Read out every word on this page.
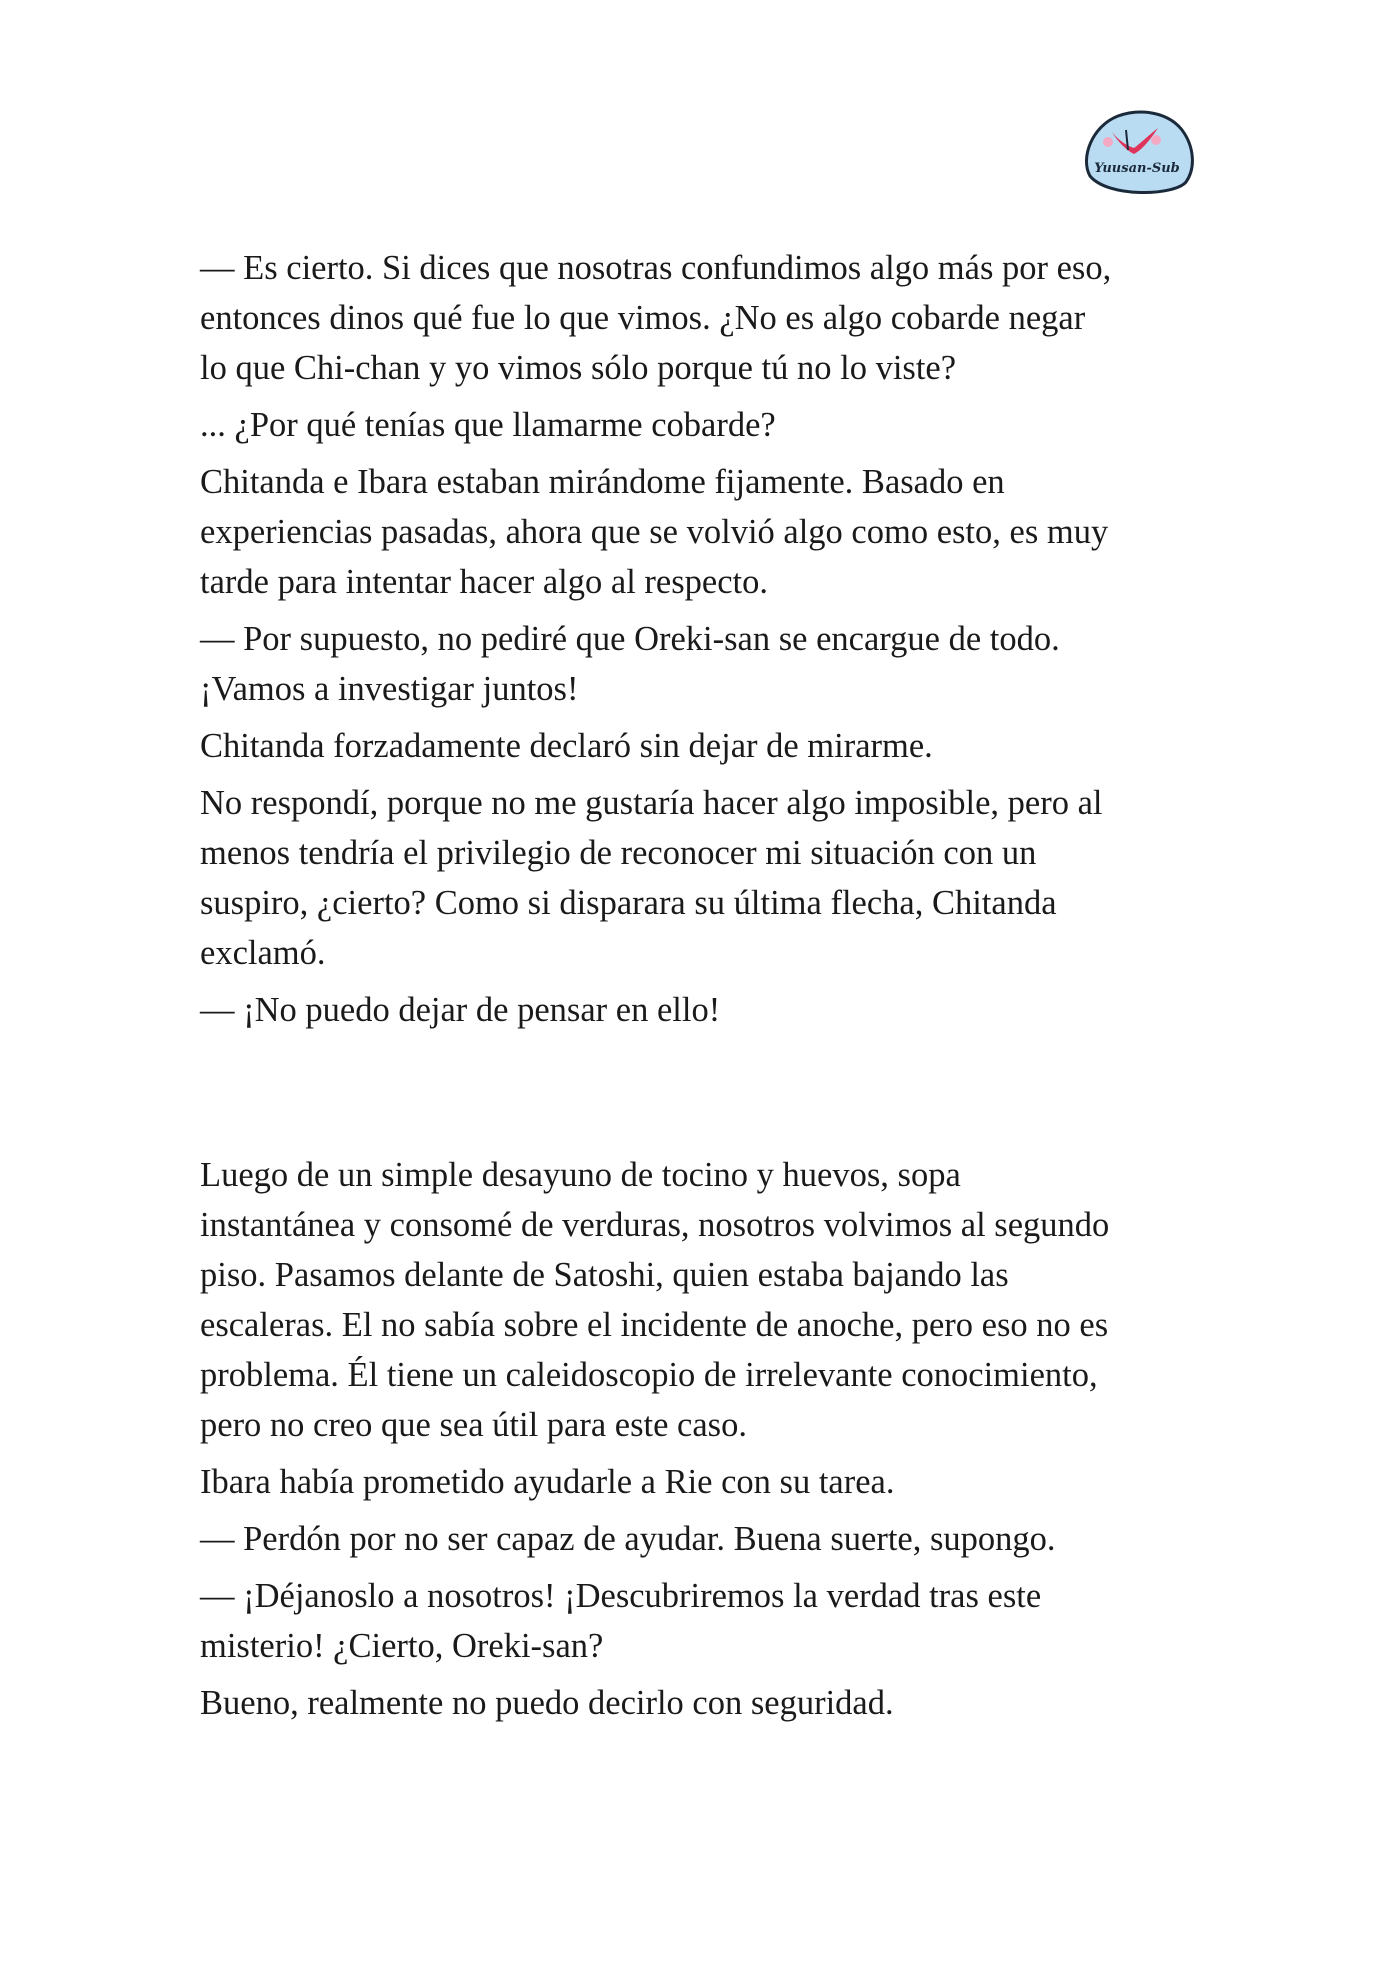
Yuusan-Sub

— Es cierto. Si dices que nosotras confundimos algo más por eso,
entonces dinos qué fue lo que vimos. ¿No es algo cobarde negar
lo que Chi-chan y yo vimos sólo porque tú no lo viste?

... ¿Por qué tenías que llamarme cobarde?

Chitanda e Ibara estaban mirándome fijamente. Basado en
experiencias pasadas, ahora que se volvió algo como esto, es muy
tarde para intentar hacer algo al respecto.

— Por supuesto, no pediré que Oreki-san se encargue de todo.
¡Vamos a investigar juntos!

Chitanda forzadamente declaró sin dejar de mirarme.

No respondí, porque no me gustaría hacer algo imposible, pero al
menos tendría el privilegio de reconocer mi situación con un
suspiro, ¿cierto? Como si disparara su última flecha, Chitanda
exclamó.

— ¡No puedo dejar de pensar en ello!

Luego de un simple desayuno de tocino y huevos, sopa
instantánea y consomé de verduras, nosotros volvimos al segundo
piso. Pasamos delante de Satoshi, quien estaba bajando las
escaleras. El no sabía sobre el incidente de anoche, pero eso no es
problema. Él tiene un caleidoscopio de irrelevante conocimiento,
pero no creo que sea útil para este caso.

Ibara había prometido ayudarle a Rie con su tarea.

— Perdón por no ser capaz de ayudar. Buena suerte, supongo.

— ¡Déjanoslo a nosotros! ¡Descubriremos la verdad tras este
misterio! ¿Cierto, Oreki-san?

Bueno, realmente no puedo decirlo con seguridad.
